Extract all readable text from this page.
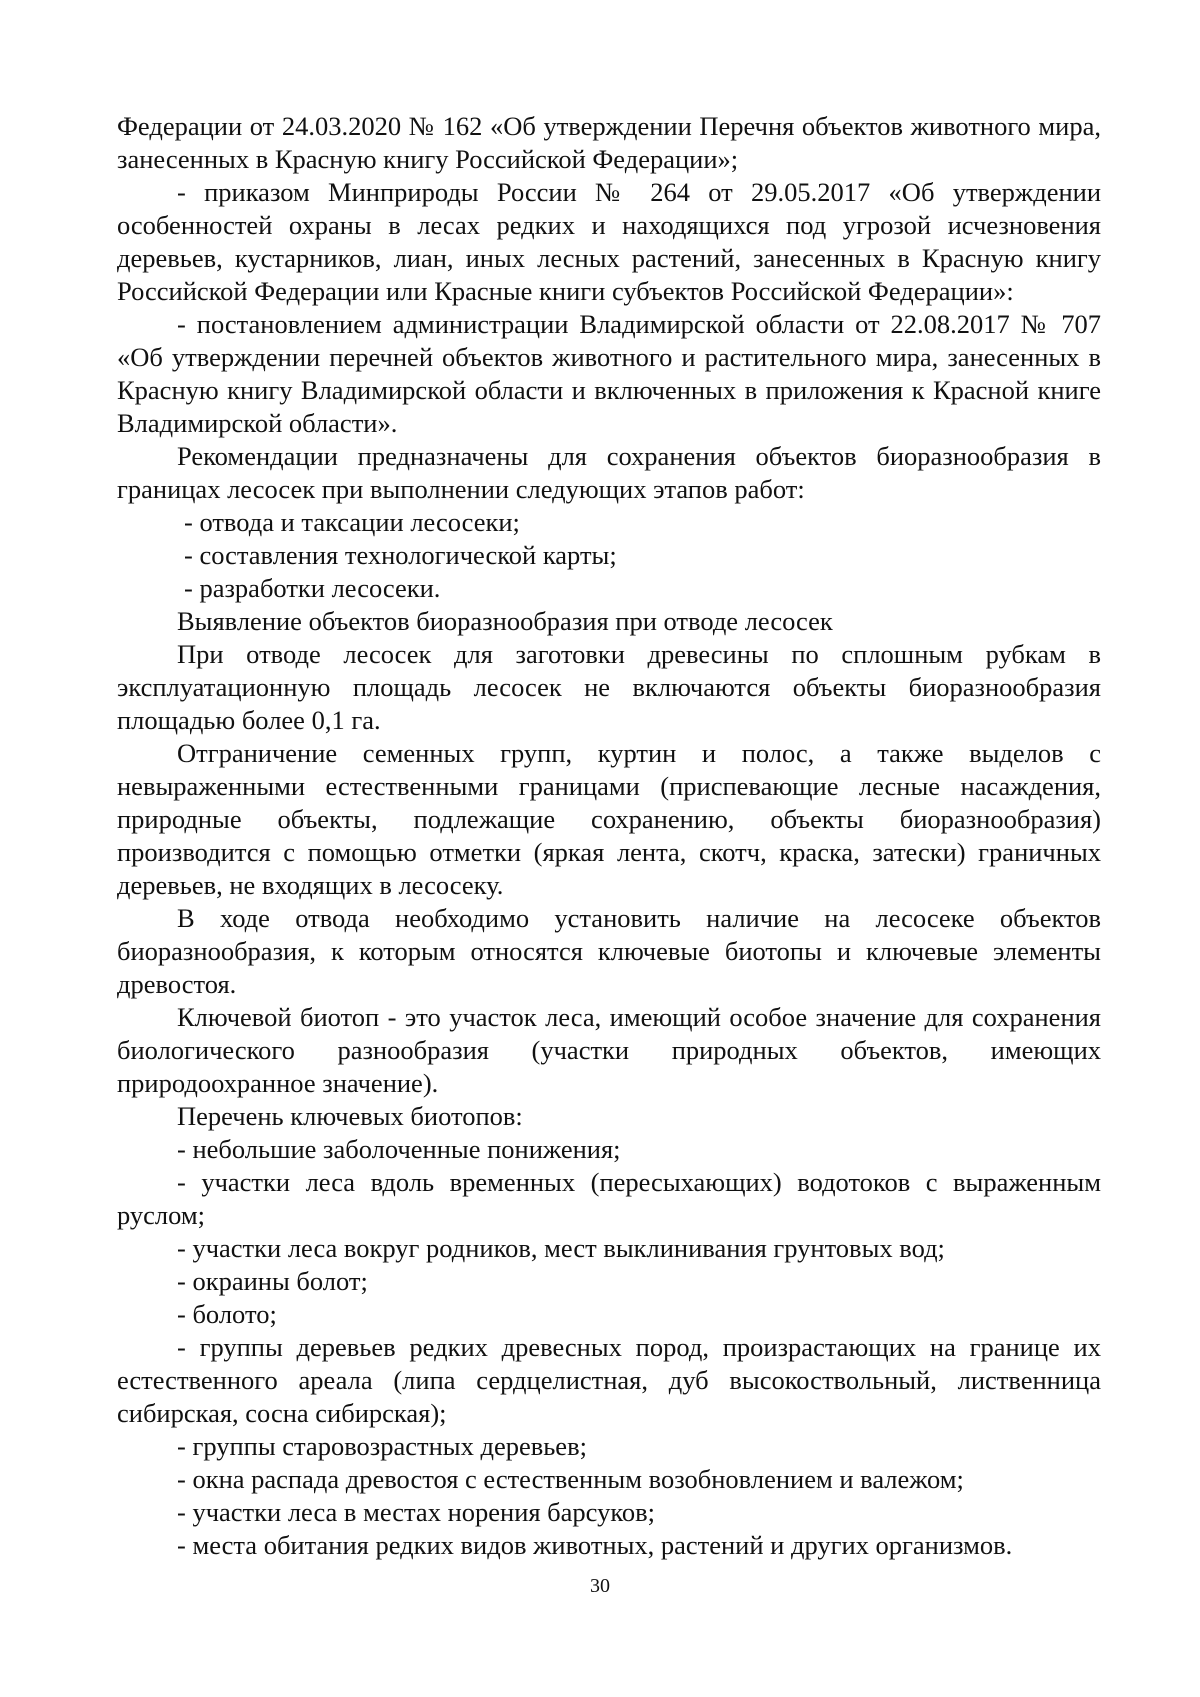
Федерации от 24.03.2020 № 162 «Об утверждении Перечня объектов животного мира, занесенных в Красную книгу Российской Федерации»;

- приказом Минприроды России № 264 от 29.05.2017 «Об утверждении особенностей охраны в лесах редких и находящихся под угрозой исчезновения деревьев, кустарников, лиан, иных лесных растений, занесенных в Красную книгу Российской Федерации или Красные книги субъектов Российской Федерации»:

- постановлением администрации Владимирской области от 22.08.2017 № 707 «Об утверждении перечней объектов животного и растительного мира, занесенных в Красную книгу Владимирской области и включенных в приложения к Красной книге Владимирской области».

Рекомендации предназначены для сохранения объектов биоразнообразия в границах лесосек при выполнении следующих этапов работ:

- отвода и таксации лесосеки;

- составления технологической карты;

- разработки лесосеки.

Выявление объектов биоразнообразия при отводе лесосек

При отводе лесосек для заготовки древесины по сплошным рубкам в эксплуатационную площадь лесосек не включаются объекты биоразнообразия площадью более 0,1 га.

Отграничение семенных групп, куртин и полос, а также выделов с невыраженными естественными границами (приспевающие лесные насаждения, природные объекты, подлежащие сохранению, объекты биоразнообразия) производится с помощью отметки (яркая лента, скотч, краска, затески) граничных деревьев, не входящих в лесосеку.

В ходе отвода необходимо установить наличие на лесосеке объектов биоразнообразия, к которым относятся ключевые биотопы и ключевые элементы древостоя.

Ключевой биотоп - это участок леса, имеющий особое значение для сохранения биологического разнообразия (участки природных объектов, имеющих природоохранное значение).

Перечень ключевых биотопов:

- небольшие заболоченные понижения;

- участки леса вдоль временных (пересыхающих) водотоков с выраженным руслом;

- участки леса вокруг родников, мест выклинивания грунтовых вод;

- окраины болот;

- болото;

- группы деревьев редких древесных пород, произрастающих на границе их естественного ареала (липа сердцелистная, дуб высокоствольный, лиственница сибирская, сосна сибирская);

- группы старовозрастных деревьев;

- окна распада древостоя с естественным возобновлением и валежом;

- участки леса в местах норения барсуков;

- места обитания редких видов животных, растений и других организмов.

30
